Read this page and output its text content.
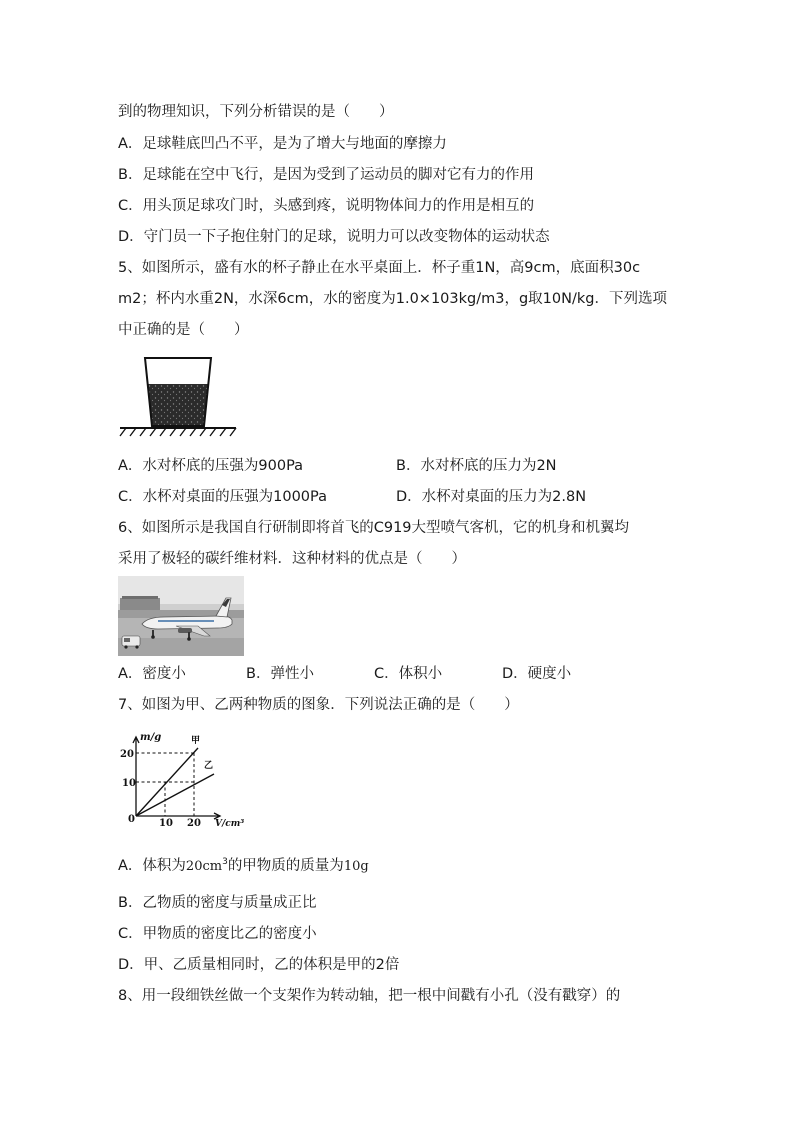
到的物理知识，下列分析错误的是（　　）
A．足球鞋底凹凸不平，是为了增大与地面的摩擦力
B．足球能在空中飞行，是因为受到了运动员的脚对它有力的作用
C．用头顶足球攻门时，头感到疼，说明物体间力的作用是相互的
D．守门员一下子抱住射门的足球，说明力可以改变物体的运动状态
5、如图所示，盛有水的杯子静止在水平桌面上．杯子重1N，高9cm，底面积30c
m2；杯内水重2N，水深6cm，水的密度为1.0×103kg/m3，g取10N/kg．下列选项
中正确的是（　　）
A．水对杯底的压强为900Pa	B．水对杯底的压力为2N
C．水杯对桌面的压强为1000Pa	D．水杯对桌面的压力为2.8N
6、如图所示是我国自行研制即将首飞的C919大型喷气客机，它的机身和机翼均
采用了极轻的碳纤维材料．这种材料的优点是（　　）
A．密度小	B．弹性小	C．体积小	D．硬度小
7、如图为甲、乙两种物质的图象．下列说法正确的是（　　）
m/g	甲
乙
20
10
0 10 20 V/cm³
A．体积为$20cm^3$的甲物质的质量为10g
B．乙物质的密度与质量成正比
C．甲物质的密度比乙的密度小
D．甲、乙质量相同时，乙的体积是甲的2倍
8、用一段细铁丝做一个支架作为转动轴，把一根中间戳有小孔（没有戳穿）的
